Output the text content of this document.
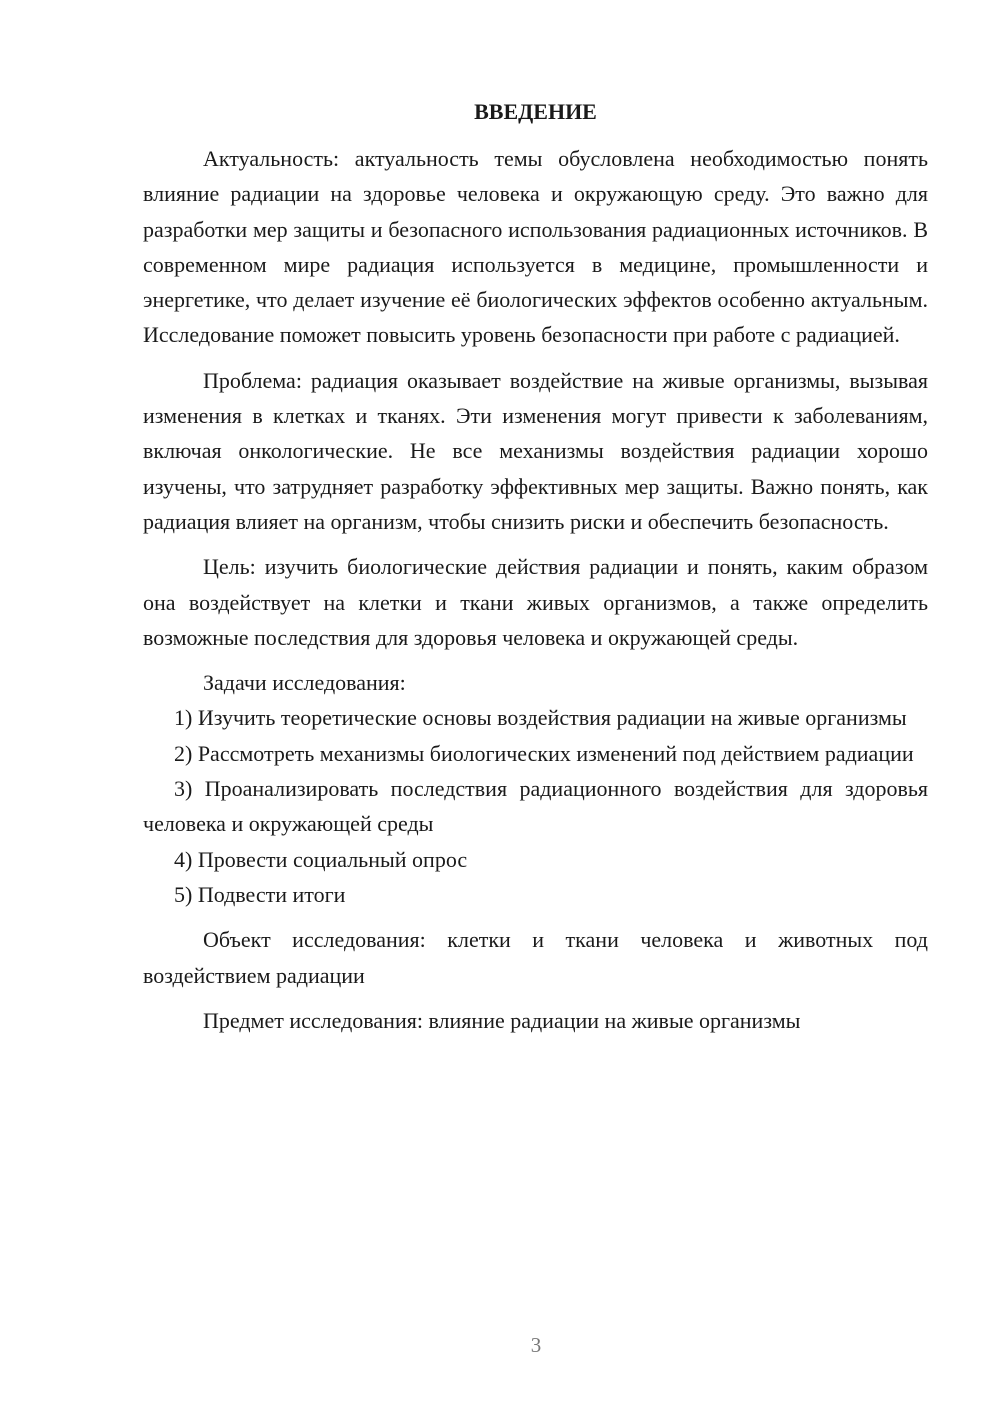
ВВЕДЕНИЕ

Актуальность: актуальность темы обусловлена необходимостью понять влияние радиации на здоровье человека и окружающую среду. Это важно для разработки мер защиты и безопасного использования радиационных источников. В современном мире радиация используется в медицине, промышленности и энергетике, что делает изучение её биологических эффектов особенно актуальным. Исследование поможет повысить уровень безопасности при работе с радиацией.

Проблема: радиация оказывает воздействие на живые организмы, вызывая изменения в клетках и тканях. Эти изменения могут привести к заболеваниям, включая онкологические. Не все механизмы воздействия радиации хорошо изучены, что затрудняет разработку эффективных мер защиты. Важно понять, как радиация влияет на организм, чтобы снизить риски и обеспечить безопасность.

Цель: изучить биологические действия радиации и понять, каким образом она воздействует на клетки и ткани живых организмов, а также определить возможные последствия для здоровья человека и окружающей среды.

Задачи исследования:

1) Изучить теоретические основы воздействия радиации на живые организмы

2) Рассмотреть механизмы биологических изменений под действием радиации

3) Проанализировать последствия радиационного воздействия для здоровья человека и окружающей среды

4) Провести социальный опрос

5) Подвести итоги

Объект исследования: клетки и ткани человека и животных под воздействием радиации

Предмет исследования: влияние радиации на живые организмы

3
